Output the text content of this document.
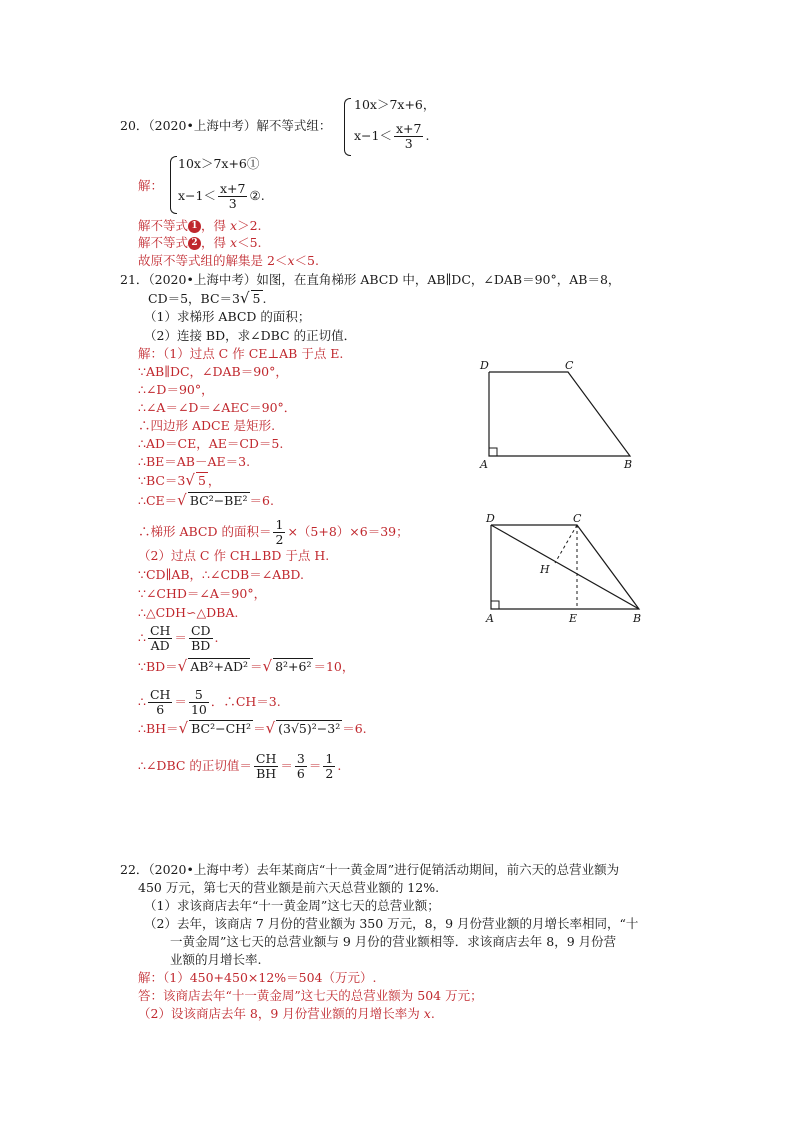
20．（2020•上海中考）解不等式组：
10x＞7x+6，
$x-1< \frac{x+7}{3}$ .
解：
10x＞7x+6①
$x-1< \frac{x+7}{3}$ ②.
解不等式 1 ，得 x＞2.
解不等式 2 ，得 x＜5.
故原不等式组的解集是 2＜x＜5.
21．（2020•上海中考）如图，在直角梯形 ABCD 中，AB∥DC，∠DAB＝90°，AB＝8，
CD＝5，BC＝3√ 5 .
（1）求梯形 ABCD 的面积；
（2）连接 BD，求∠DBC 的正切值．
解：（1）过点 C 作 CE⊥AB 于点 E.
∵AB∥DC，∠DAB＝90°，
∴∠D＝90°，
∴∠A＝∠D＝∠AEC＝90°．
∴四边形 ADCE 是矩形.
∴AD＝CE，AE＝CD＝5.
∴BE＝AB－AE＝3.
∵BC＝3√ 5 ，
∴CE＝√ BC²−BE² ＝6.
∴梯形 ABCD 的面积＝ $\frac{1}{2} \times(5+8)\times 6=39$；
（2）过点 C 作 CH⊥BD 于点 H.
∵CD∥AB，∴∠CDB＝∠ABD.
∵∠CHD＝∠A＝90°，
∴△CDH∽△DBA.
∴ $\frac{CH}{AD} = \frac{CD}{BD}$ .
∵BD＝√ AB²+AD² ＝√ 8²+6² ＝10，
∴ $\frac{CH}{6} = \frac{5}{10}$ ．∴CH＝3.
∴BH＝√ BC²−CH² ＝√ (3√5)²−3² ＝6.
∴∠DBC 的正切值＝ $\frac{CH}{BH} = \frac{3}{6} = \frac{1}{2}$ .
D	C
A	B
D	C
H
A	E	B
22．（2020•上海中考）去年某商店“十一黄金周”进行促销活动期间，前六天的总营业额为
450 万元，第七天的营业额是前六天总营业额的 12%.
（1）求该商店去年“十一黄金周”这七天的总营业额；
（2）去年，该商店 7 月份的营业额为 350 万元，8，9 月份营业额的月增长率相同，“十
一黄金周”这七天的总营业额与 9 月份的营业额相等．求该商店去年 8，9 月份营
业额的月增长率.
解：（1）450+450×12%＝504（万元）.
答：该商店去年“十一黄金周”这七天的总营业额为 504 万元；
（2）设该商店去年 8，9 月份营业额的月增长率为 x.
